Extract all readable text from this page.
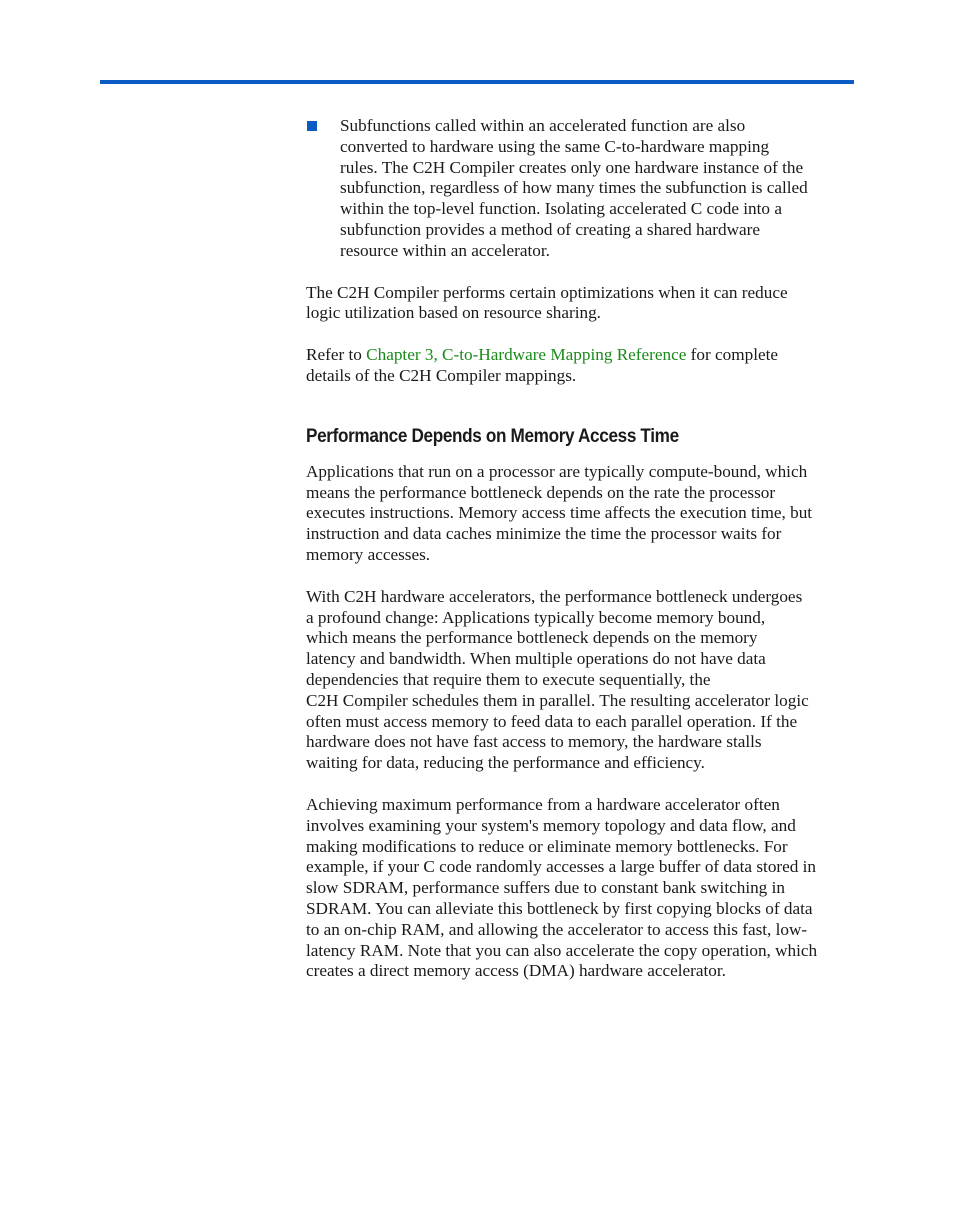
Subfunctions called within an accelerated function are also
converted to hardware using the same C-to-hardware mapping
rules. The C2H Compiler creates only one hardware instance of the
subfunction, regardless of how many times the subfunction is called
within the top-level function. Isolating accelerated C code into a
subfunction provides a method of creating a shared hardware
resource within an accelerator.

The C2H Compiler performs certain optimizations when it can reduce
logic utilization based on resource sharing.

Refer to Chapter 3, C-to-Hardware Mapping Reference for complete
details of the C2H Compiler mappings.

Performance Depends on Memory Access Time

Applications that run on a processor are typically compute-bound, which
means the performance bottleneck depends on the rate the processor
executes instructions. Memory access time affects the execution time, but
instruction and data caches minimize the time the processor waits for
memory accesses.

With C2H hardware accelerators, the performance bottleneck undergoes
a profound change: Applications typically become memory bound,
which means the performance bottleneck depends on the memory
latency and bandwidth. When multiple operations do not have data
dependencies that require them to execute sequentially, the
C2H Compiler schedules them in parallel. The resulting accelerator logic
often must access memory to feed data to each parallel operation. If the
hardware does not have fast access to memory, the hardware stalls
waiting for data, reducing the performance and efficiency.

Achieving maximum performance from a hardware accelerator often
involves examining your system's memory topology and data flow, and
making modifications to reduce or eliminate memory bottlenecks. For
example, if your C code randomly accesses a large buffer of data stored in
slow SDRAM, performance suffers due to constant bank switching in
SDRAM. You can alleviate this bottleneck by first copying blocks of data
to an on-chip RAM, and allowing the accelerator to access this fast, low-
latency RAM. Note that you can also accelerate the copy operation, which
creates a direct memory access (DMA) hardware accelerator.
